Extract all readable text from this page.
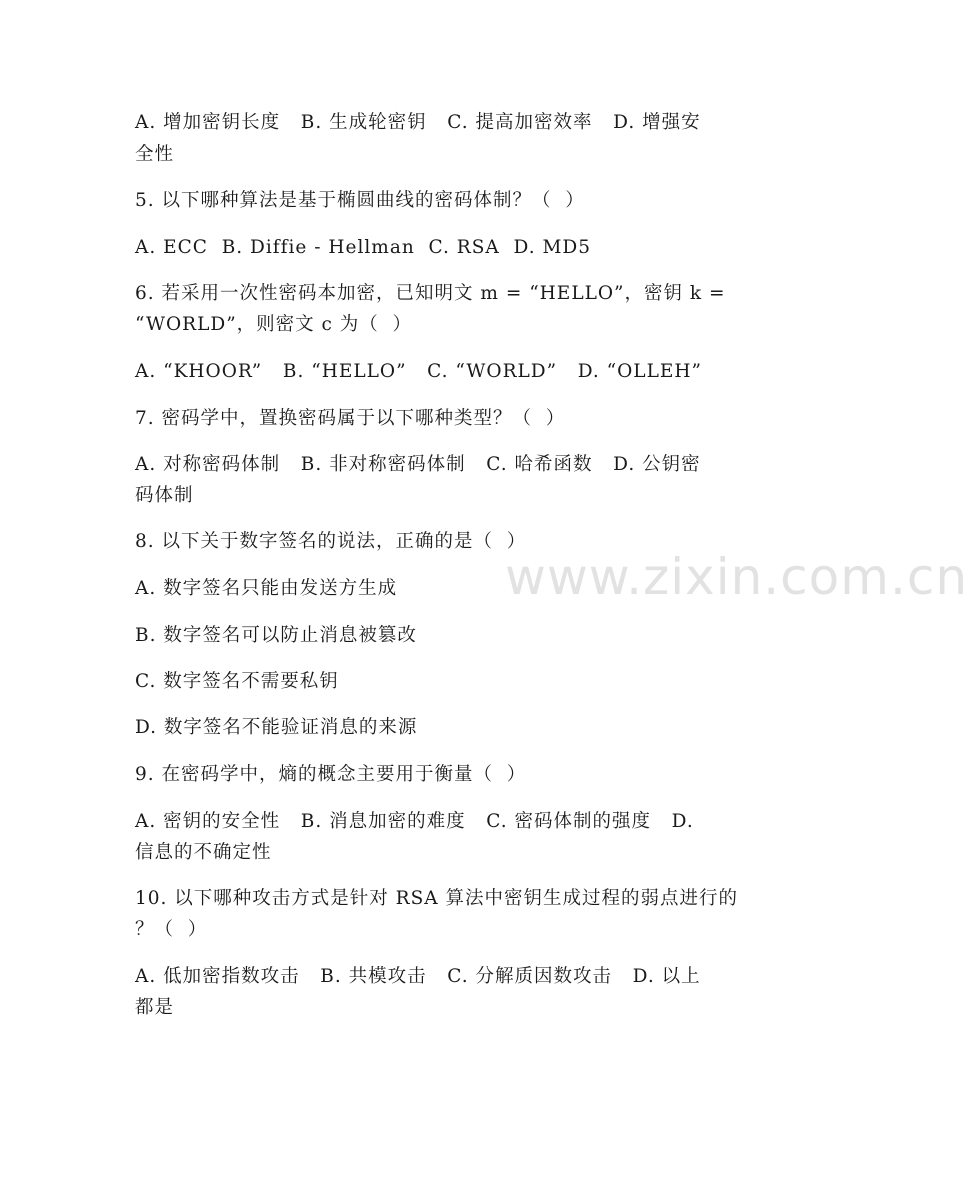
A. 增加密钥长度   B. 生成轮密钥   C. 提高加密效率   D. 增强安

全性

5. 以下哪种算法是基于椭圆曲线的密码体制？（  ）

A. ECC  B. Diffie - Hellman  C. RSA  D. MD5

6. 若采用一次性密码本加密，已知明文 m = “HELLO”，密钥 k =

“WORLD”，则密文 c 为（  ）

A. “KHOOR”   B. “HELLO”   C. “WORLD”   D. “OLLEH”

7. 密码学中，置换密码属于以下哪种类型？（  ）

A. 对称密码体制   B. 非对称密码体制   C. 哈希函数   D. 公钥密

码体制

8. 以下关于数字签名的说法，正确的是（  ）

A. 数字签名只能由发送方生成

B. 数字签名可以防止消息被篡改

C. 数字签名不需要私钥

D. 数字签名不能验证消息的来源

9. 在密码学中，熵的概念主要用于衡量（  ）

A. 密钥的安全性   B. 消息加密的难度   C. 密码体制的强度   D.

信息的不确定性

10. 以下哪种攻击方式是针对 RSA 算法中密钥生成过程的弱点进行的

？（  ）

A. 低加密指数攻击   B. 共模攻击   C. 分解质因数攻击   D. 以上

都是

www.zixin.com.cn
